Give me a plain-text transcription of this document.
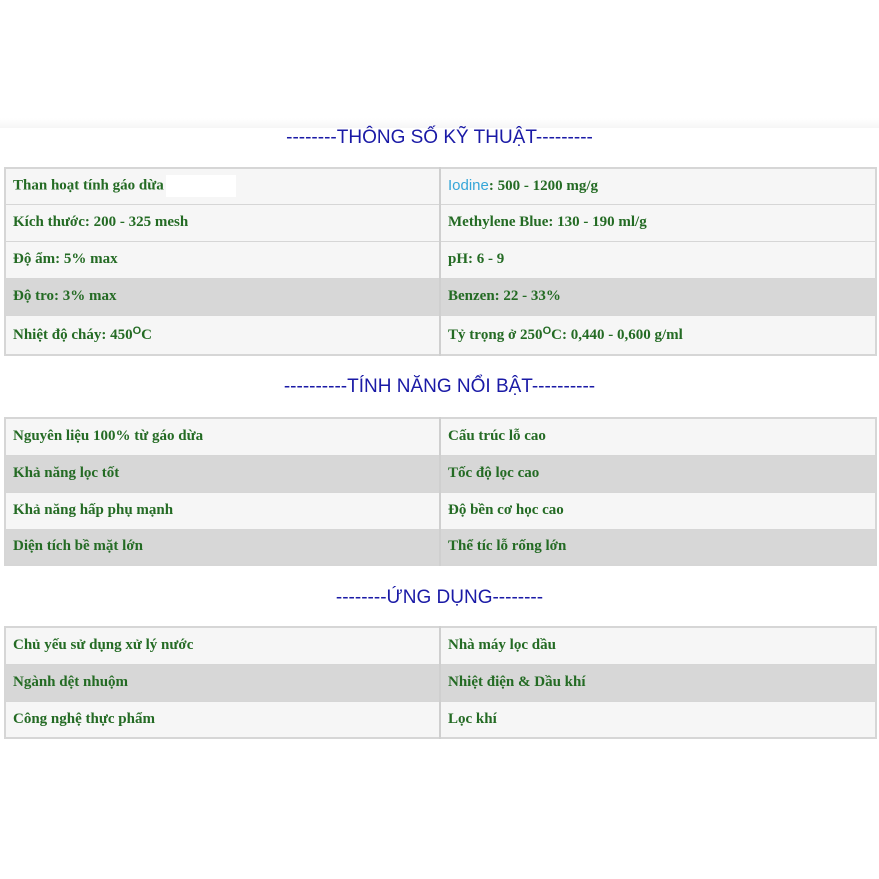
--------THÔNG SỐ KỸ THUẬT---------
Than hoạt tính gáo dừa	Iodine: 500 - 1200 mg/g
Kích thước: 200 - 325 mesh	Methylene Blue: 130 - 190 ml/g
Độ ẩm: 5% max	pH: 6 - 9
Độ tro: 3% max	Benzen: 22 - 33%
Nhiệt độ cháy: $450^OC$	Tỷ trọng ở $250^OC$: 0,440 - 0,600 g/ml
----------TÍNH NĂNG NỔI BẬT----------
Nguyên liệu 100% từ gáo dừa	Cấu trúc lỗ cao
Khả năng lọc tốt	Tốc độ lọc cao
Khả năng hấp phụ mạnh	Độ bền cơ học cao
Diện tích bề mặt lớn	Thể tíc lỗ rống lớn
--------ỨNG DỤNG--------
Chủ yếu sử dụng xử lý nước	Nhà máy lọc dầu
Ngành dệt nhuộm	Nhiệt điện & Dầu khí
Công nghệ thực phẩm	Lọc khí
